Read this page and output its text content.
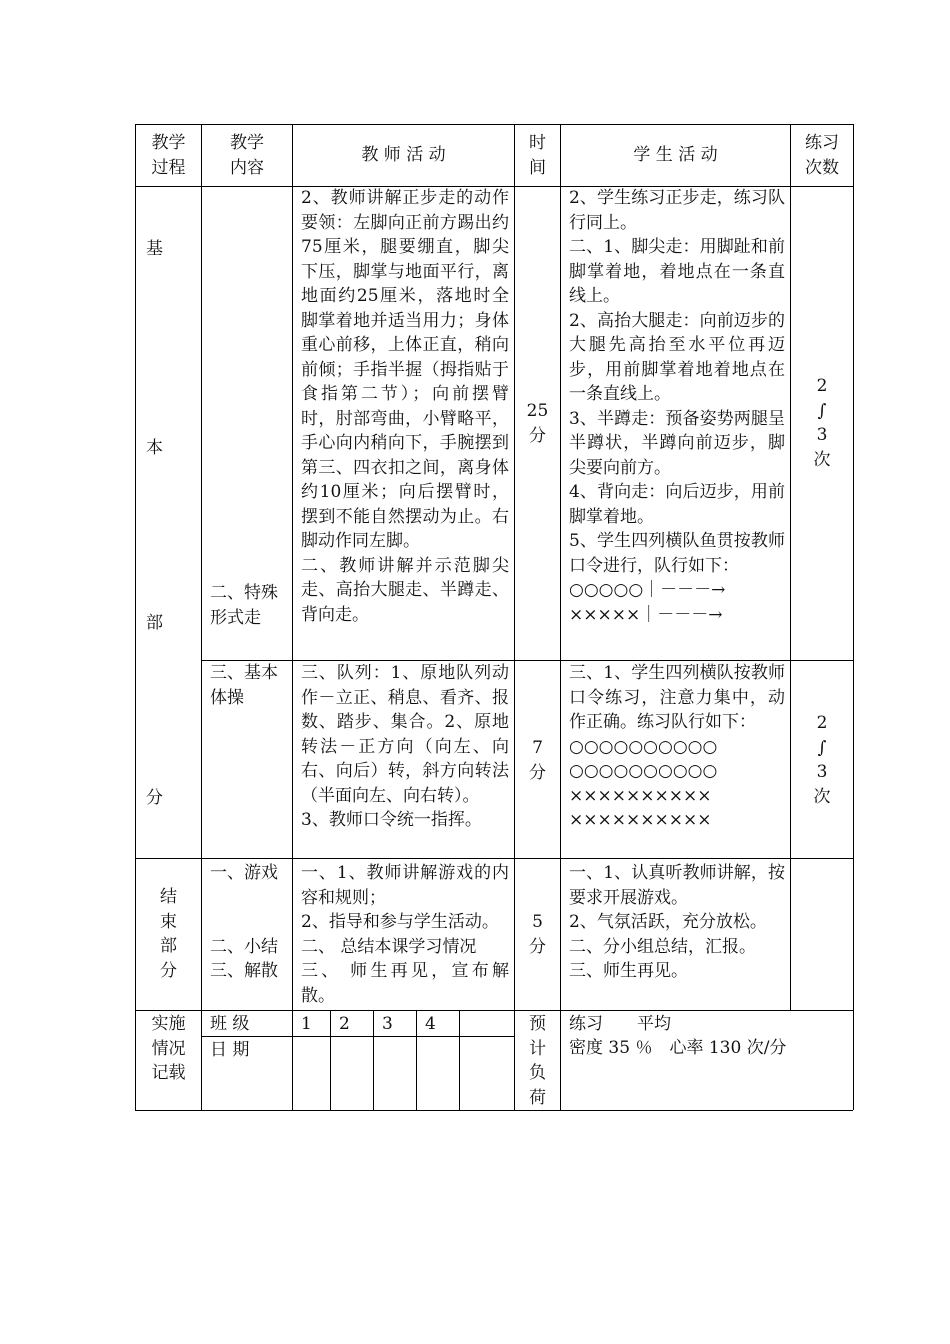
教学
过程
教学
内容
教 师 活 动
时
间
学 生 活 动
练习
次数
基
本
部
分
二、特殊
形式走
2、教师讲解正步走的动作要领：左脚向正前方踢出约75厘米，腿要绷直，脚尖下压，脚掌与地面平行，离地面约25厘米，落地时全脚掌着地并适当用力；身体重心前移，上体正直，稍向前倾；手指半握（拇指贴于食指第二节）；向前摆臂时，肘部弯曲，小臂略平，手心向内稍向下，手腕摆到第三、四衣扣之间，离身体约10厘米；向后摆臂时，摆到不能自然摆动为止。右脚动作同左脚。
二、教师讲解并示范脚尖走、高抬大腿走、半蹲走、背向走。
25
分
2、学生练习正步走，练习队行同上。
二、1、脚尖走：用脚趾和前脚掌着地，着地点在一条直线上。
2、高抬大腿走：向前迈步的大腿先高抬至水平位再迈步，用前脚掌着地着地点在一条直线上。
3、半蹲走：预备姿势两腿呈半蹲状，半蹲向前迈步，脚尖要向前方。
4、背向走：向后迈步，用前脚掌着地。
5、学生四列横队鱼贯按教师口令进行，队行如下：
○○○○○｜－－－→
×××××｜－－－→
2
∫
3
次
三、基本
体操
三、队列：1、原地队列动作－立正、稍息、看齐、报数、踏步、集合。2、原地转法－正方向（向左、向右、向后）转，斜方向转法（半面向左、向右转）。
3、教师口令统一指挥。
7
分
三、1、学生四列横队按教师口令练习，注意力集中，动作正确。练习队行如下：
○○○○○○○○○○
○○○○○○○○○○
××××××××××
××××××××××
2
∫
3
次
结
束
部
分
一、游戏

二、小结
三、解散
一、1、教师讲解游戏的内容和规则；
2、指导和参与学生活动。
二、 总结本课学习情况
三、 师生再见，宣布解散。
5
分
一、1、认真听教师讲解，按要求开展游戏。
2、气氛活跃，充分放松。
二、分小组总结，汇报。
三、师生再见。
实施
情况
记载
班 级
日 期
1 2 3 4	预
计
负
荷
练习　　平均
密度 35 ％　心率 130 次/分
